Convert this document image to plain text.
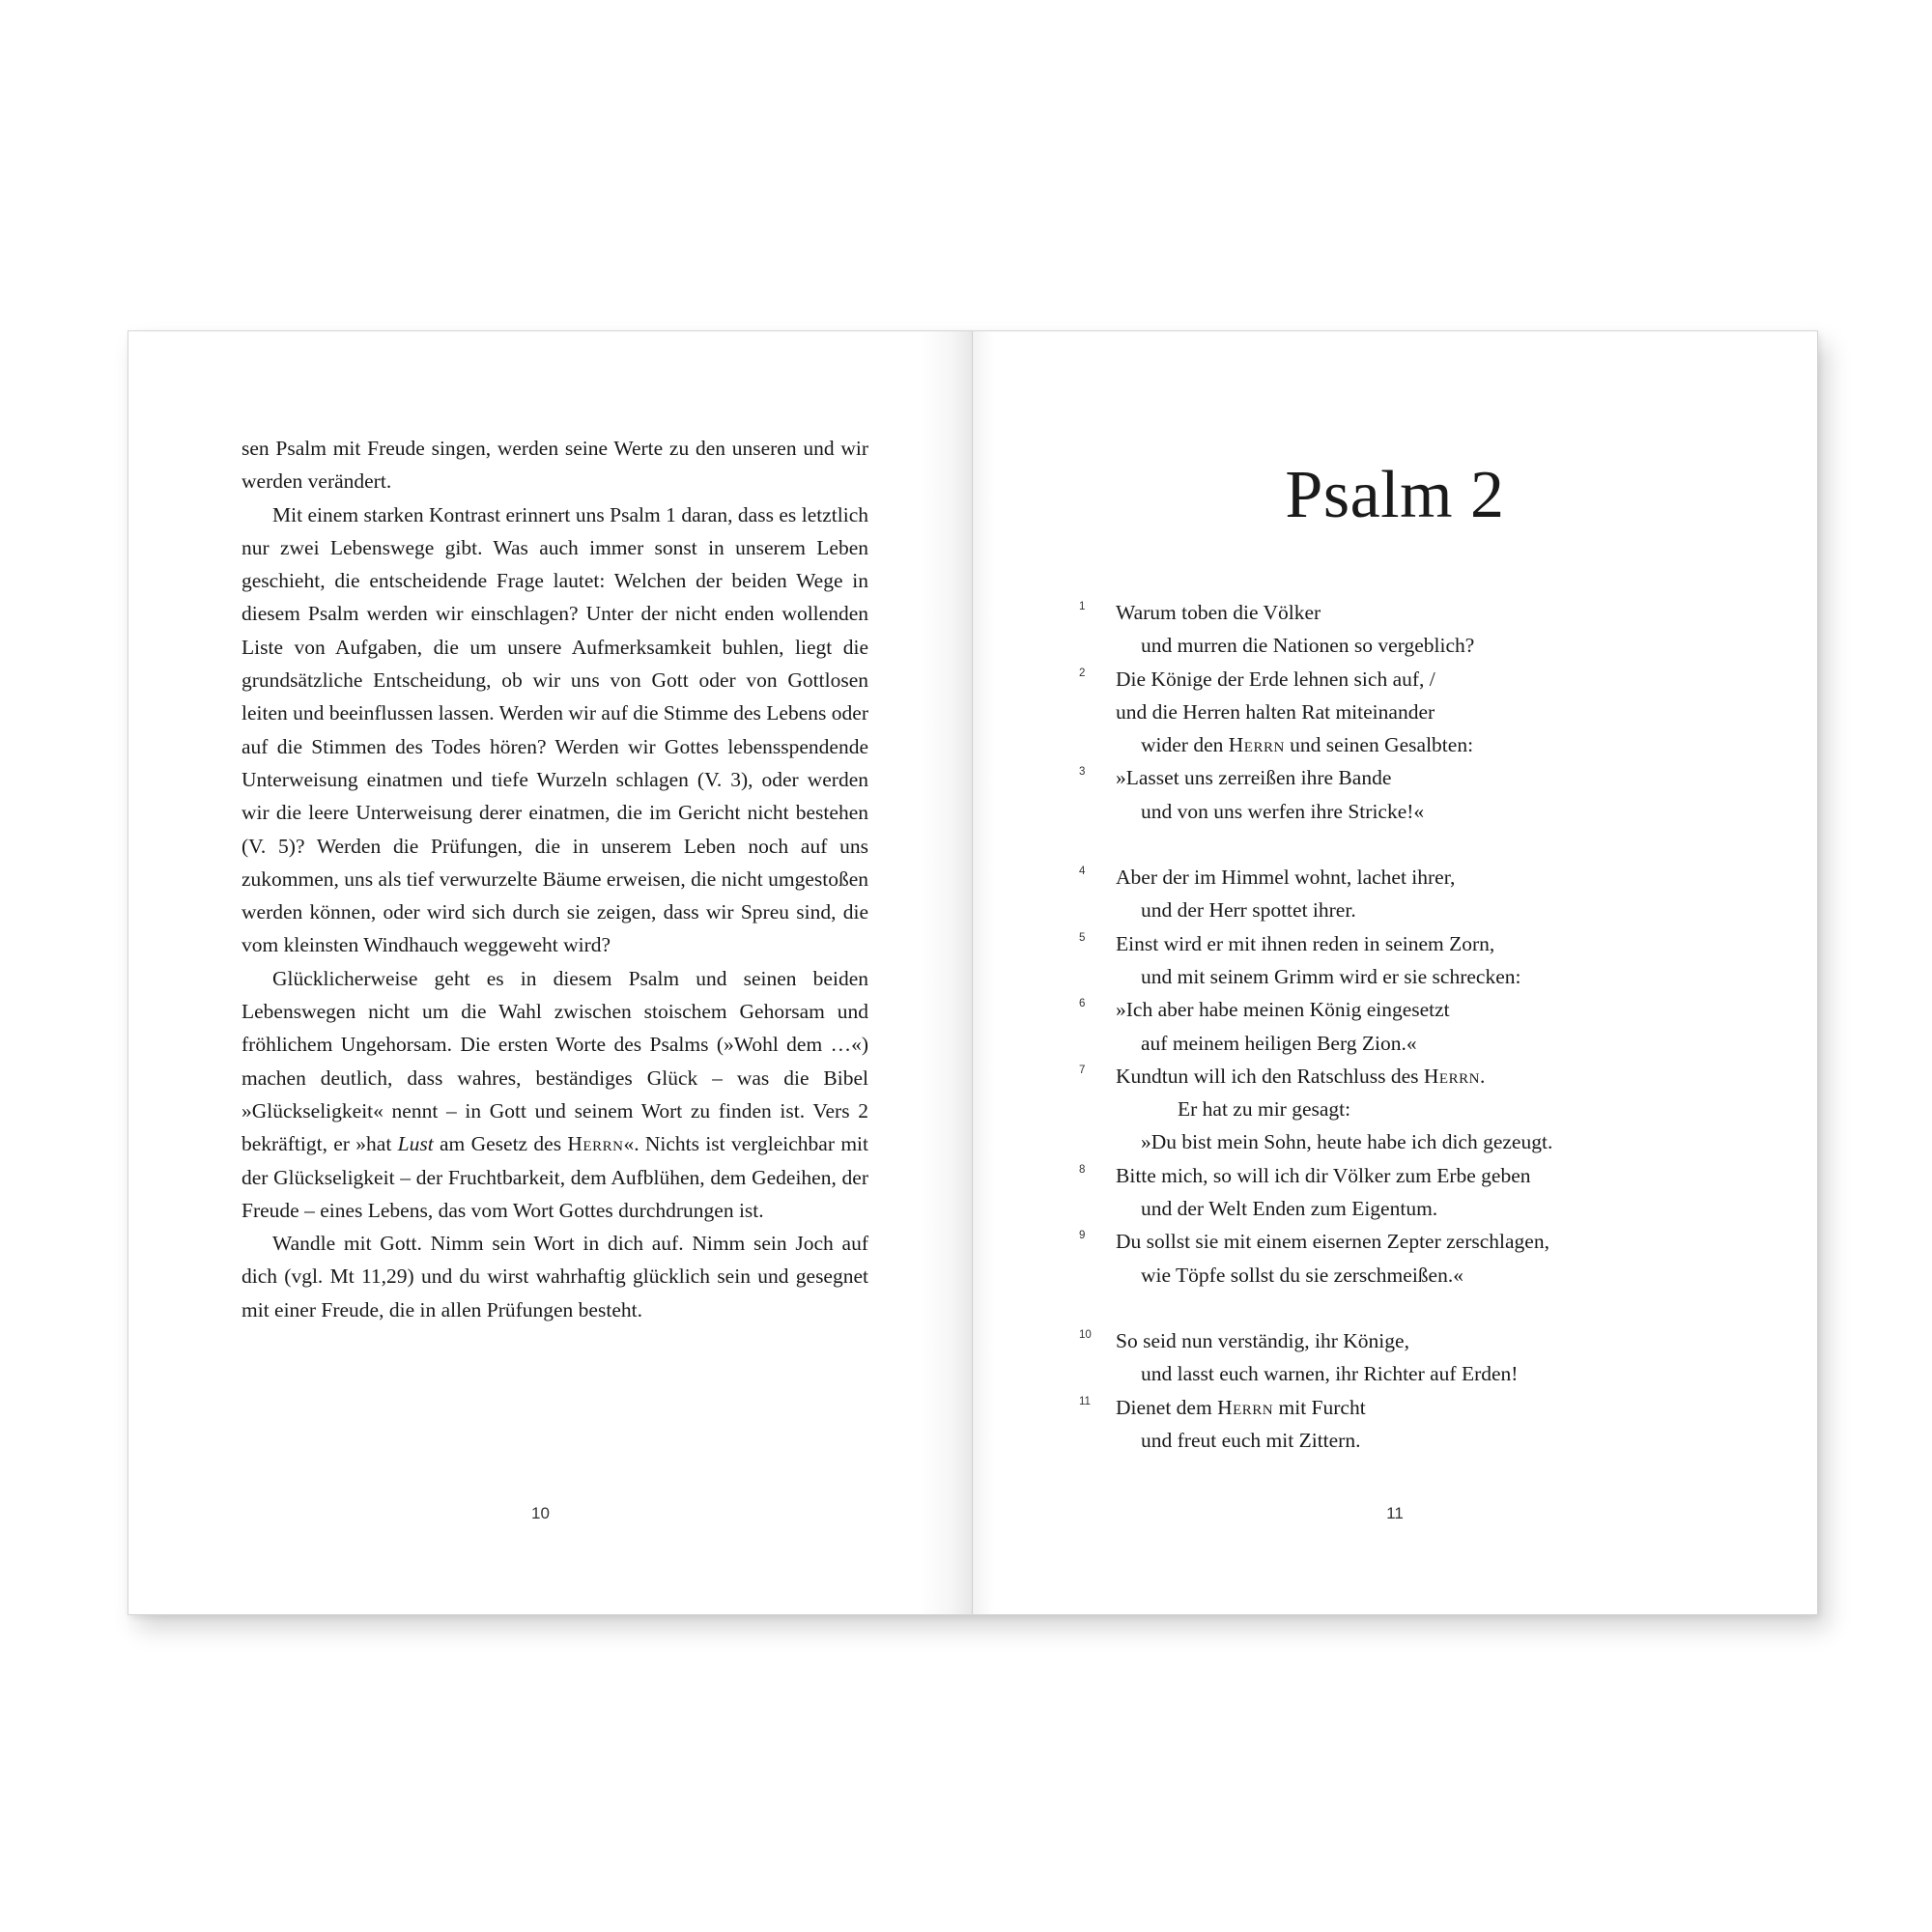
sen Psalm mit Freude singen, werden seine Werte zu den unseren und wir werden verändert.

Mit einem starken Kontrast erinnert uns Psalm 1 daran, dass es letztlich nur zwei Lebenswege gibt. Was auch immer sonst in unserem Leben geschieht, die entscheidende Frage lautet: Welchen der beiden Wege in diesem Psalm werden wir einschlagen? Unter der nicht enden wollenden Liste von Aufgaben, die um unsere Aufmerksamkeit buhlen, liegt die grundsätzliche Entscheidung, ob wir uns von Gott oder von Gottlosen leiten und beeinflussen lassen. Werden wir auf die Stimme des Lebens oder auf die Stimmen des Todes hören? Werden wir Gottes lebensspendende Unterweisung einatmen und tiefe Wurzeln schlagen (V. 3), oder werden wir die leere Unterweisung derer einatmen, die im Gericht nicht bestehen (V. 5)? Werden die Prüfungen, die in unserem Leben noch auf uns zukommen, uns als tief verwurzelte Bäume erweisen, die nicht umgestoßen werden können, oder wird sich durch sie zeigen, dass wir Spreu sind, die vom kleinsten Windhauch weggeweht wird?

Glücklicherweise geht es in diesem Psalm und seinen beiden Lebenswegen nicht um die Wahl zwischen stoischem Gehorsam und fröhlichem Ungehorsam. Die ersten Worte des Psalms (»Wohl dem …«) machen deutlich, dass wahres, beständiges Glück – was die Bibel »Glückseligkeit« nennt – in Gott und seinem Wort zu finden ist. Vers 2 bekräftigt, er »hat Lust am Gesetz des Herrn«. Nichts ist vergleichbar mit der Glückseligkeit – der Fruchtbarkeit, dem Aufblühen, dem Gedeihen, der Freude – eines Lebens, das vom Wort Gottes durchdrungen ist.

Wandle mit Gott. Nimm sein Wort in dich auf. Nimm sein Joch auf dich (vgl. Mt 11,29) und du wirst wahrhaftig glücklich sein und gesegnet mit einer Freude, die in allen Prüfungen besteht.

10
Psalm 2
1 Warum toben die Völker
und murren die Nationen so vergeblich?
2 Die Könige der Erde lehnen sich auf, /
und die Herren halten Rat miteinander
wider den Herrn und seinen Gesalbten:
3 »Lasset uns zerreißen ihre Bande
und von uns werfen ihre Stricke!«
4 Aber der im Himmel wohnt, lachet ihrer,
und der Herr spottet ihrer.
5 Einst wird er mit ihnen reden in seinem Zorn,
und mit seinem Grimm wird er sie schrecken:
6 »Ich aber habe meinen König eingesetzt
auf meinem heiligen Berg Zion.«
7 Kundtun will ich den Ratschluss des Herrn.
Er hat zu mir gesagt:
»Du bist mein Sohn, heute habe ich dich gezeugt.
8 Bitte mich, so will ich dir Völker zum Erbe geben
und der Welt Enden zum Eigentum.
9 Du sollst sie mit einem eisernen Zepter zerschlagen,
wie Töpfe sollst du sie zerschmeißen.«
10 So seid nun verständig, ihr Könige,
und lasst euch warnen, ihr Richter auf Erden!
11 Dienet dem Herrn mit Furcht
und freut euch mit Zittern.
11
